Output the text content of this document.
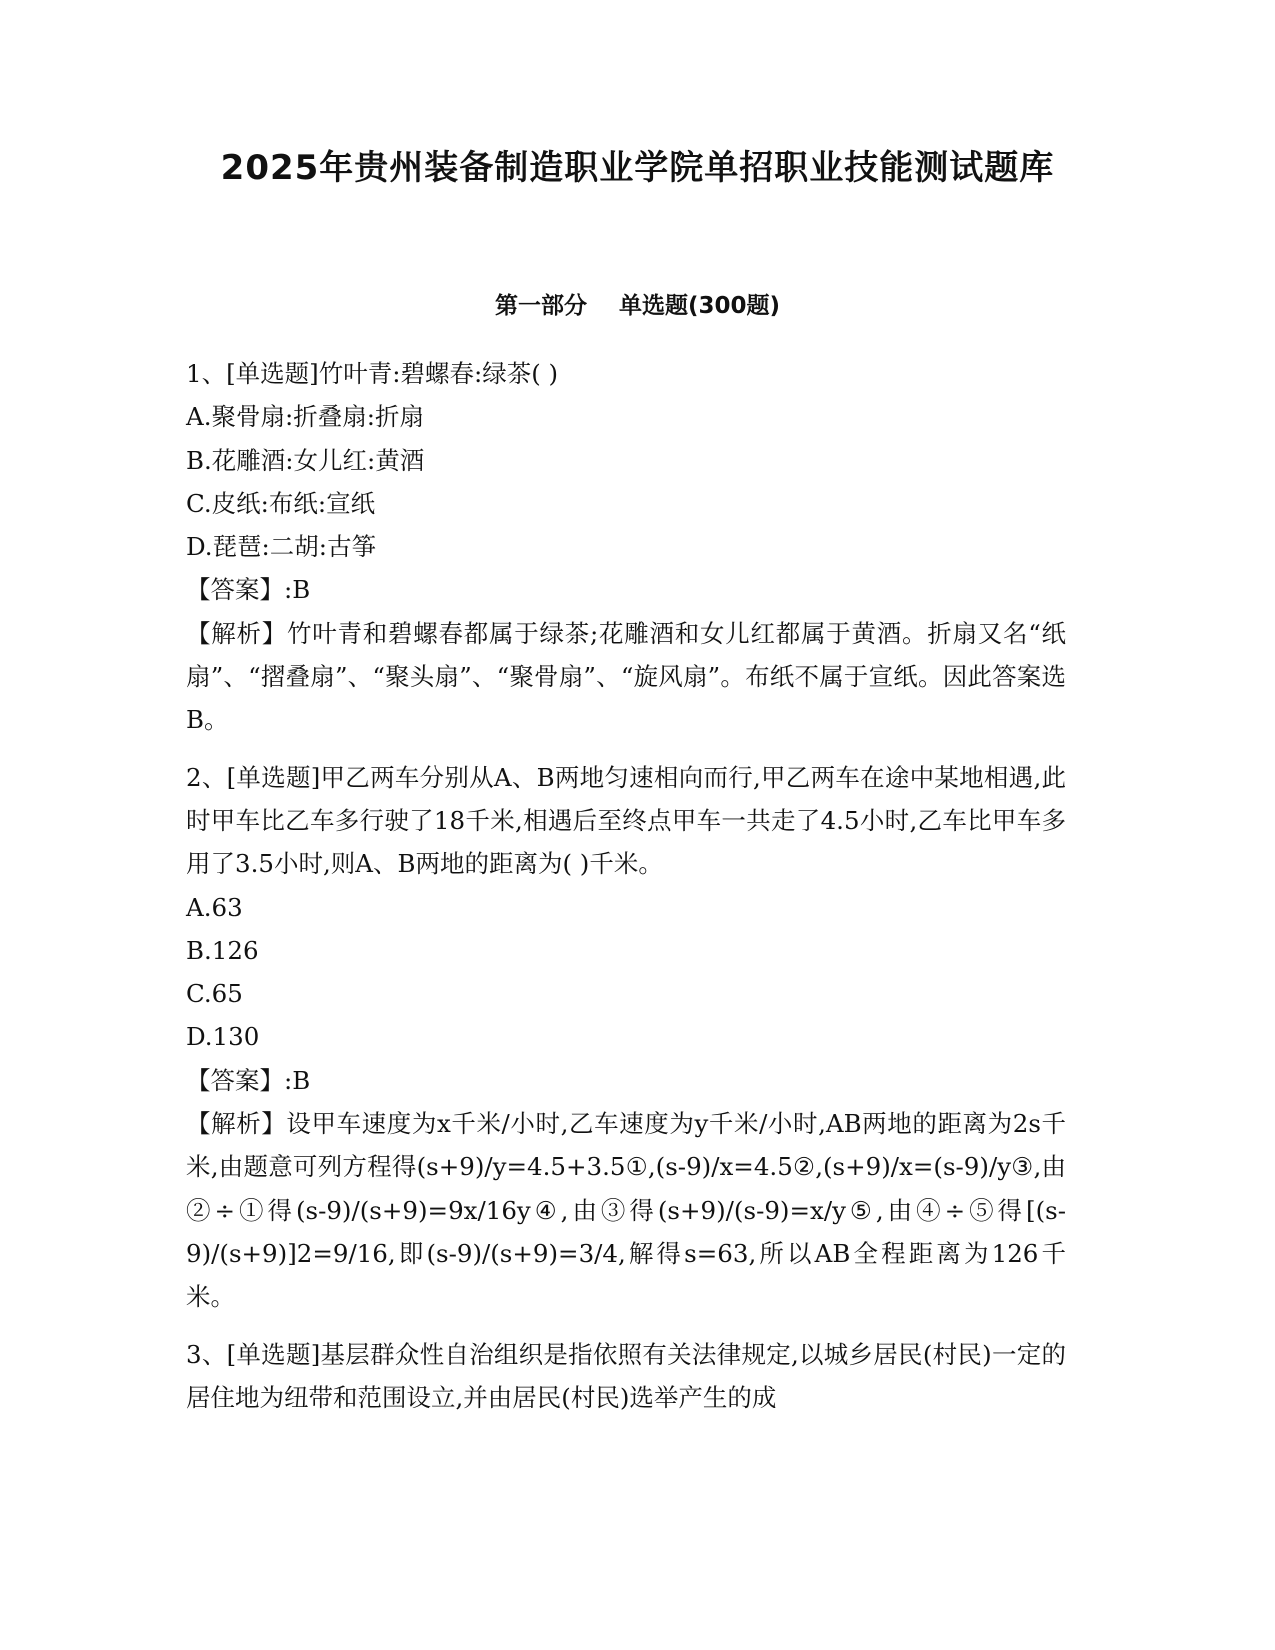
2025年贵州装备制造职业学院单招职业技能测试题库
第一部分    单选题(300题)

1、[单选题]竹叶青:碧螺春:绿茶( )

A.聚骨扇:折叠扇:折扇

B.花雕酒:女儿红:黄酒

C.皮纸:布纸:宣纸

D.琵琶:二胡:古筝

【答案】:B

【解析】竹叶青和碧螺春都属于绿茶;花雕酒和女儿红都属于黄酒。折扇又名“纸扇”、“摺叠扇”、“聚头扇”、“聚骨扇”、“旋风扇”。布纸不属于宣纸。因此答案选B。

2、[单选题]甲乙两车分别从A、B两地匀速相向而行,甲乙两车在途中某地相遇,此时甲车比乙车多行驶了18千米,相遇后至终点甲车一共走了4.5小时,乙车比甲车多用了3.5小时,则A、B两地的距离为( )千米。

A.63

B.126

C.65

D.130

【答案】:B

【解析】设甲车速度为x千米/小时,乙车速度为y千米/小时,AB两地的距离为2s千米,由题意可列方程得(s+9)/y=4.5+3.5①,(s-9)/x=4.5②,(s+9)/x=(s-9)/y③,由②÷①得(s-9)/(s+9)=9x/16y④,由③得(s+9)/(s-9)=x/y⑤,由④÷⑤得[(s-9)/(s+9)]2=9/16,即(s-9)/(s+9)=3/4,解得s=63,所以AB全程距离为126千米。

3、[单选题]基层群众性自治组织是指依照有关法律规定,以城乡居民(村民)一定的居住地为纽带和范围设立,并由居民(村民)选举产生的成
